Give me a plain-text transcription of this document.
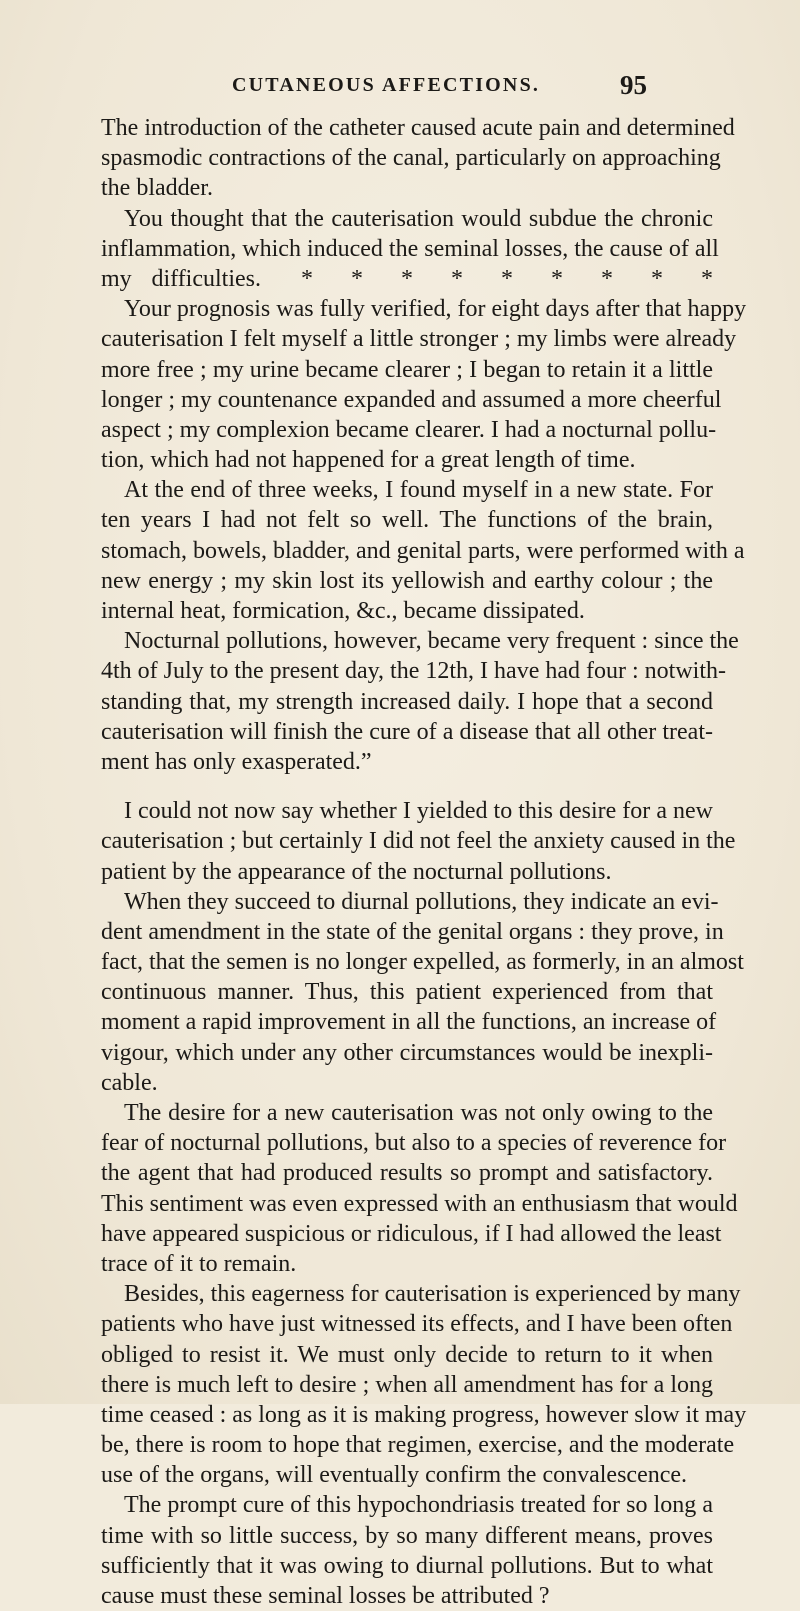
CUTANEOUS AFFECTIONS.	95
The introduction of the catheter caused acute pain and determined
spasmodic contractions of the canal, particularly on approaching
the bladder.
You thought that the cauterisation would subdue the chronic
inflammation, which induced the seminal losses, the cause of all
my difficulties. * * * * * * * * *
Your prognosis was fully verified, for eight days after that happy
cauterisation I felt myself a little stronger ; my limbs were already
more free ; my urine became clearer ; I began to retain it a little
longer ; my countenance expanded and assumed a more cheerful
aspect ; my complexion became clearer. I had a nocturnal pollu-
tion, which had not happened for a great length of time.
At the end of three weeks, I found myself in a new state. For
ten years I had not felt so well. The functions of the brain,
stomach, bowels, bladder, and genital parts, were performed with a
new energy ; my skin lost its yellowish and earthy colour ; the
internal heat, formication, &c., became dissipated.
Nocturnal pollutions, however, became very frequent : since the
4th of July to the present day, the 12th, I have had four : notwith-
standing that, my strength increased daily. I hope that a second
cauterisation will finish the cure of a disease that all other treat-
ment has only exasperated.”
I could not now say whether I yielded to this desire for a new
cauterisation ; but certainly I did not feel the anxiety caused in the
patient by the appearance of the nocturnal pollutions.
When they succeed to diurnal pollutions, they indicate an evi-
dent amendment in the state of the genital organs : they prove, in
fact, that the semen is no longer expelled, as formerly, in an almost
continuous manner. Thus, this patient experienced from that
moment a rapid improvement in all the functions, an increase of
vigour, which under any other circumstances would be inexpli-
cable.
The desire for a new cauterisation was not only owing to the
fear of nocturnal pollutions, but also to a species of reverence for
the agent that had produced results so prompt and satisfactory.
This sentiment was even expressed with an enthusiasm that would
have appeared suspicious or ridiculous, if I had allowed the least
trace of it to remain.
Besides, this eagerness for cauterisation is experienced by many
patients who have just witnessed its effects, and I have been often
obliged to resist it. We must only decide to return to it when
there is much left to desire ; when all amendment has for a long
time ceased : as long as it is making progress, however slow it may
be, there is room to hope that regimen, exercise, and the moderate
use of the organs, will eventually confirm the convalescence.
The prompt cure of this hypochondriasis treated for so long a
time with so little success, by so many different means, proves
sufficiently that it was owing to diurnal pollutions. But to what
cause must these seminal losses be attributed ?
